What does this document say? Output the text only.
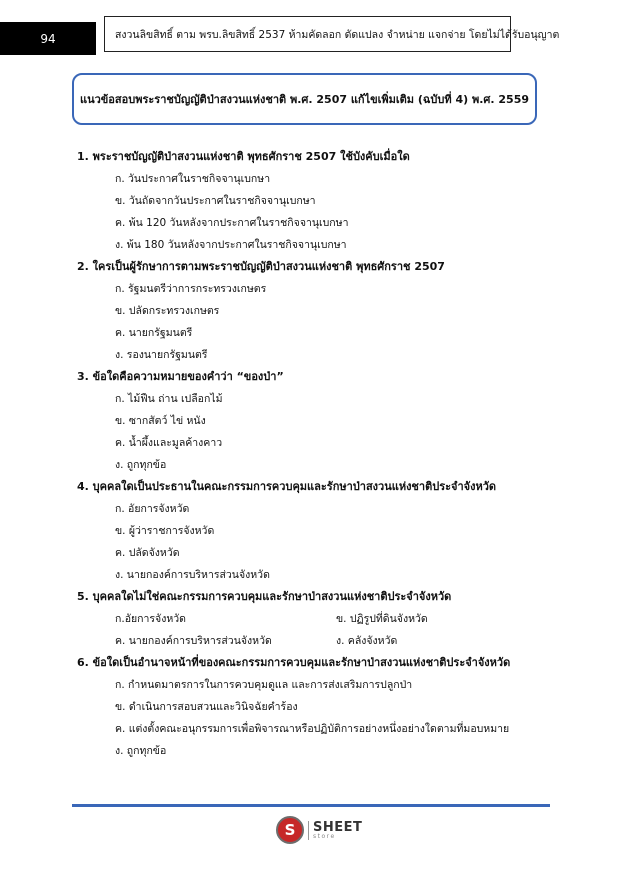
94	สงวนลิขสิทธิ์ ตาม พรบ.ลิขสิทธิ์ 2537 ห้ามคัดลอก ดัดแปลง จำหน่าย แจกจ่าย โดยไม่ได้รับอนุญาต
แนวข้อสอบพระราชบัญญัติป่าสงวนแห่งชาติ พ.ศ. 2507 แก้ไขเพิ่มเติม (ฉบับที่ 4) พ.ศ. 2559
1. พระราชบัญญัติป่าสงวนแห่งชาติ พุทธศักราช 2507 ใช้บังคับเมื่อใด
ก. วันประกาศในราชกิจจานุเบกษา
ข. วันถัดจากวันประกาศในราชกิจจานุเบกษา
ค. พ้น 120 วันหลังจากประกาศในราชกิจจานุเบกษา
ง. พ้น 180 วันหลังจากประกาศในราชกิจจานุเบกษา
2. ใครเป็นผู้รักษาการตามพระราชบัญญัติป่าสงวนแห่งชาติ พุทธศักราช 2507
ก. รัฐมนตรีว่าการกระทรวงเกษตร
ข. ปลัดกระทรวงเกษตร
ค. นายกรัฐมนตรี
ง. รองนายกรัฐมนตรี
3. ข้อใดคือความหมายของคำว่า “ของป่า”
ก. ไม้ฟืน ถ่าน เปลือกไม้
ข. ซากสัตว์ ไข่ หนัง
ค. น้ำผึ้งและมูลค้างคาว
ง. ถูกทุกข้อ
4. บุคคลใดเป็นประธานในคณะกรรมการควบคุมและรักษาป่าสงวนแห่งชาติประจำจังหวัด
ก. อัยการจังหวัด
ข. ผู้ว่าราชการจังหวัด
ค. ปลัดจังหวัด
ง. นายกองค์การบริหารส่วนจังหวัด
5. บุคคลใดไม่ใช่คณะกรรมการควบคุมและรักษาป่าสงวนแห่งชาติประจำจังหวัด
ก.อัยการจังหวัด	ข. ปฏิรูปที่ดินจังหวัด
ค. นายกองค์การบริหารส่วนจังหวัด	ง. คลังจังหวัด
6. ข้อใดเป็นอำนาจหน้าที่ของคณะกรรมการควบคุมและรักษาป่าสงวนแห่งชาติประจำจังหวัด
ก. กำหนดมาตรการในการควบคุมดูแล และการส่งเสริมการปลูกป่า
ข. ดำเนินการสอบสวนและวินิจฉัยคำร้อง
ค. แต่งตั้งคณะอนุกรรมการเพื่อพิจารณาหรือปฏิบัติการอย่างหนึ่งอย่างใดตามที่มอบหมาย
ง. ถูกทุกข้อ
S	SHEET
store
